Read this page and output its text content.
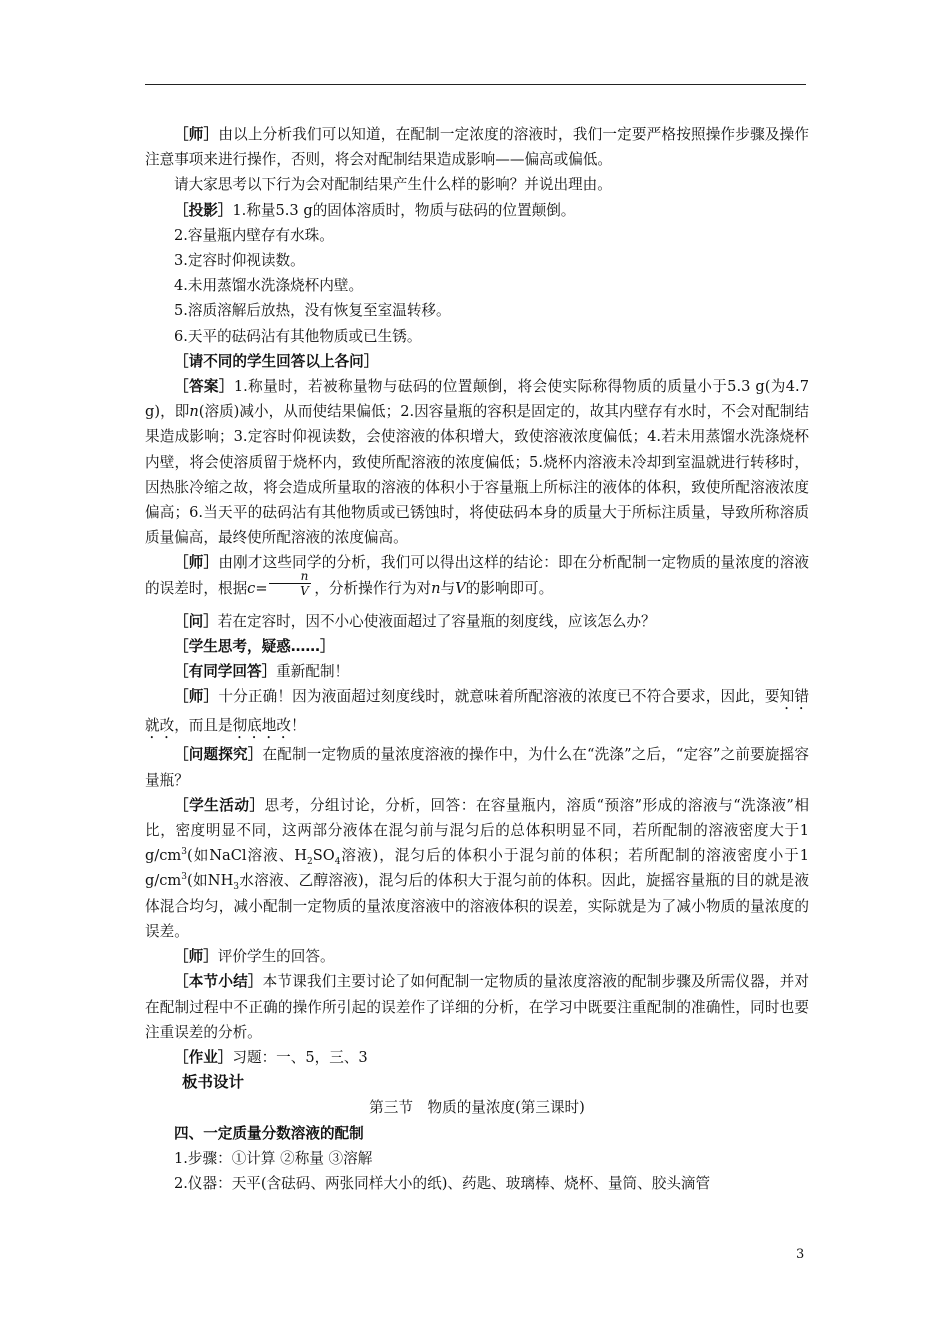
［师］由以上分析我们可以知道，在配制一定浓度的溶液时，我们一定要严格按照操作步骤及操作注意事项来进行操作，否则，将会对配制结果造成影响——偏高或偏低。

请大家思考以下行为会对配制结果产生什么样的影响？并说出理由。

［投影］1.称量5.3 g的固体溶质时，物质与砝码的位置颠倒。

2.容量瓶内壁存有水珠。

3.定容时仰视读数。

4.未用蒸馏水洗涤烧杯内壁。

5.溶质溶解后放热，没有恢复至室温转移。

6.天平的砝码沾有其他物质或已生锈。

［请不同的学生回答以上各问］

［答案］1.称量时，若被称量物与砝码的位置颠倒，将会使实际称得物质的质量小于5.3 g(为4.7 g)，即n(溶质)减小，从而使结果偏低；2.因容量瓶的容积是固定的，故其内壁存有水时，不会对配制结果造成影响；3.定容时仰视读数，会使溶液的体积增大，致使溶液浓度偏低；4.若未用蒸馏水洗涤烧杯内壁，将会使溶质留于烧杯内，致使所配溶液的浓度偏低；5.烧杯内溶液未冷却到室温就进行转移时，因热胀冷缩之故，将会造成所量取的溶液的体积小于容量瓶上所标注的液体的体积，致使所配溶液浓度偏高；6.当天平的砝码沾有其他物质或已锈蚀时，将使砝码本身的质量大于所标注质量，导致所称溶质质量偏高，最终使所配溶液的浓度偏高。

［师］由刚才这些同学的分析，我们可以得出这样的结论：即在分析配制一定物质的量浓度的溶液的误差时，根据$c= \frac{n}{V}$ ，分析操作行为对n与V的影响即可。

［问］若在定容时，因不小心使液面超过了容量瓶的刻度线，应该怎么办？

［学生思考，疑惑……］

［有同学回答］重新配制！

［师］十分正确！因为液面超过刻度线时，就意味着所配溶液的浓度已不符合要求，因此，要知错就改，而且是彻底地改！

［问题探究］在配制一定物质的量浓度溶液的操作中，为什么在“洗涤”之后，“定容”之前要旋摇容量瓶？

［学生活动］思考，分组讨论，分析，回答：在容量瓶内，溶质“预溶”形成的溶液与“洗涤液”相比，密度明显不同，这两部分液体在混匀前与混匀后的总体积明显不同，若所配制的溶液密度大于1 $g/cm^3$(如NaCl溶液、$H_2SO_4$溶液)，混匀后的体积小于混匀前的体积；若所配制的溶液密度小于1 $g/cm^3$(如$NH_3$水溶液、乙醇溶液)，混匀后的体积大于混匀前的体积。因此，旋摇容量瓶的目的就是液体混合均匀，减小配制一定物质的量浓度溶液中的溶液体积的误差，实际就是为了减小物质的量浓度的误差。

［师］评价学生的回答。

［本节小结］本节课我们主要讨论了如何配制一定物质的量浓度溶液的配制步骤及所需仪器，并对在配制过程中不正确的操作所引起的误差作了详细的分析，在学习中既要注重配制的准确性，同时也要注重误差的分析。

［作业］习题：一、5，三、3

板书设计

第三节　物质的量浓度(第三课时)

四、一定质量分数溶液的配制

1.步骤：①计算 ②称量 ③溶解

2.仪器：天平(含砝码、两张同样大小的纸)、药匙、玻璃棒、烧杯、量筒、胶头滴管

3
